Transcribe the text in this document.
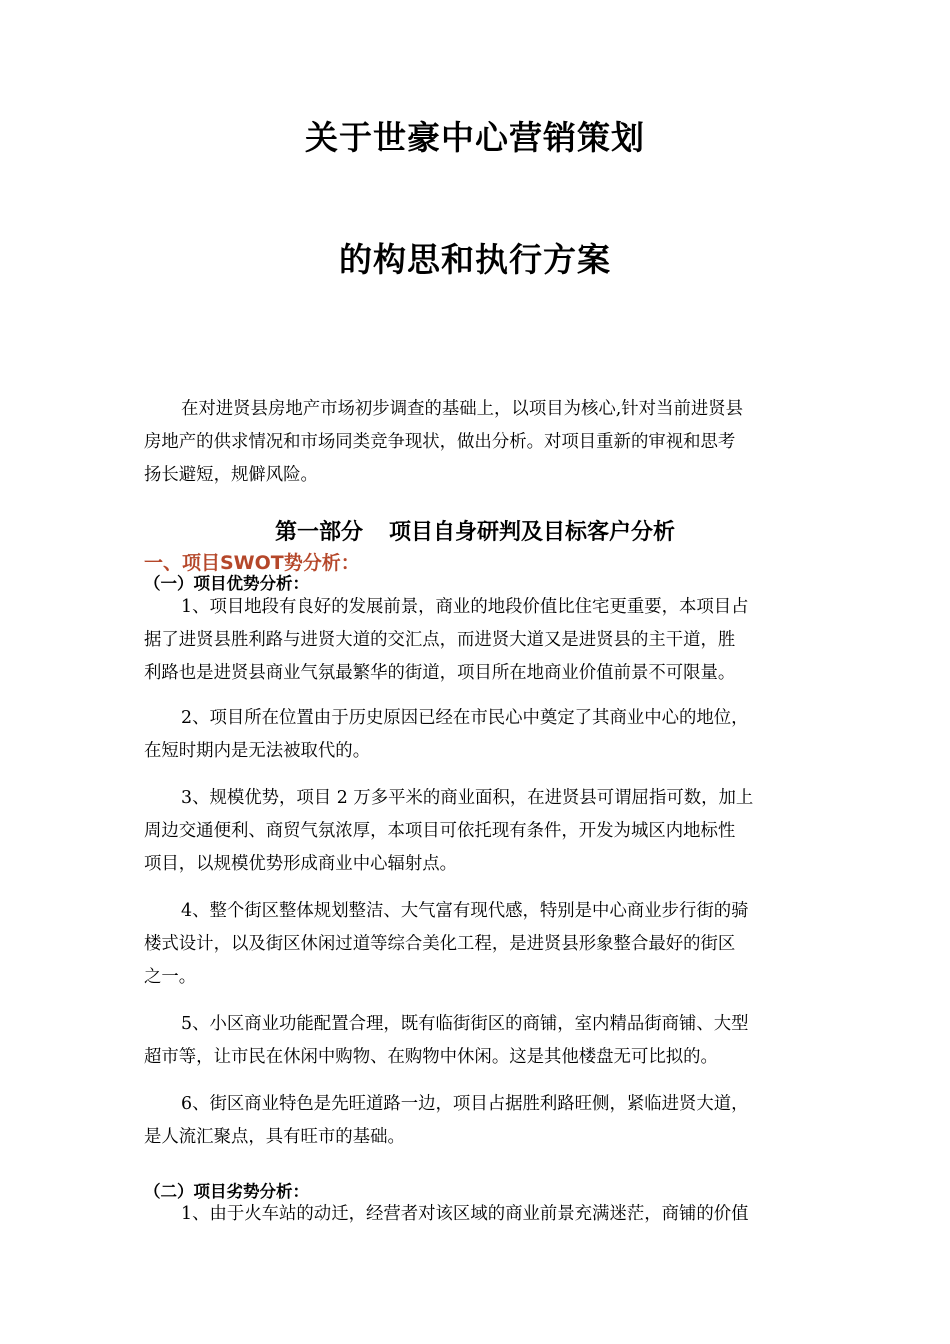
关于世豪中心营销策划
的构思和执行方案

在对进贤县房地产市场初步调查的基础上，以项目为核心,针对当前进贤县
房地产的供求情况和市场同类竞争现状，做出分析。对项目重新的审视和思考
扬长避短，规僻风险。

第一部分 项目自身研判及目标客户分析
一、项目SWOT势分析：
（一）项目优势分析：

1、项目地段有良好的发展前景，商业的地段价值比住宅更重要，本项目占
据了进贤县胜利路与进贤大道的交汇点，而进贤大道又是进贤县的主干道，胜
利路也是进贤县商业气氛最繁华的街道，项目所在地商业价值前景不可限量。

2、项目所在位置由于历史原因已经在市民心中奠定了其商业中心的地位，
在短时期内是无法被取代的。

3、规模优势，项目 2 万多平米的商业面积，在进贤县可谓屈指可数，加上
周边交通便利、商贸气氛浓厚，本项目可依托现有条件，开发为城区内地标性
项目，以规模优势形成商业中心辐射点。

4、整个街区整体规划整洁、大气富有现代感，特别是中心商业步行街的骑
楼式设计，以及街区休闲过道等综合美化工程，是进贤县形象整合最好的街区
之一。

5、小区商业功能配置合理，既有临街街区的商铺，室内精品街商铺、大型
超市等，让市民在休闲中购物、在购物中休闲。这是其他楼盘无可比拟的。

6、街区商业特色是先旺道路一边，项目占据胜利路旺侧，紧临进贤大道，
是人流汇聚点，具有旺市的基础。

（二）项目劣势分析：

1、由于火车站的动迁，经营者对该区域的商业前景充满迷茫，商铺的价值
